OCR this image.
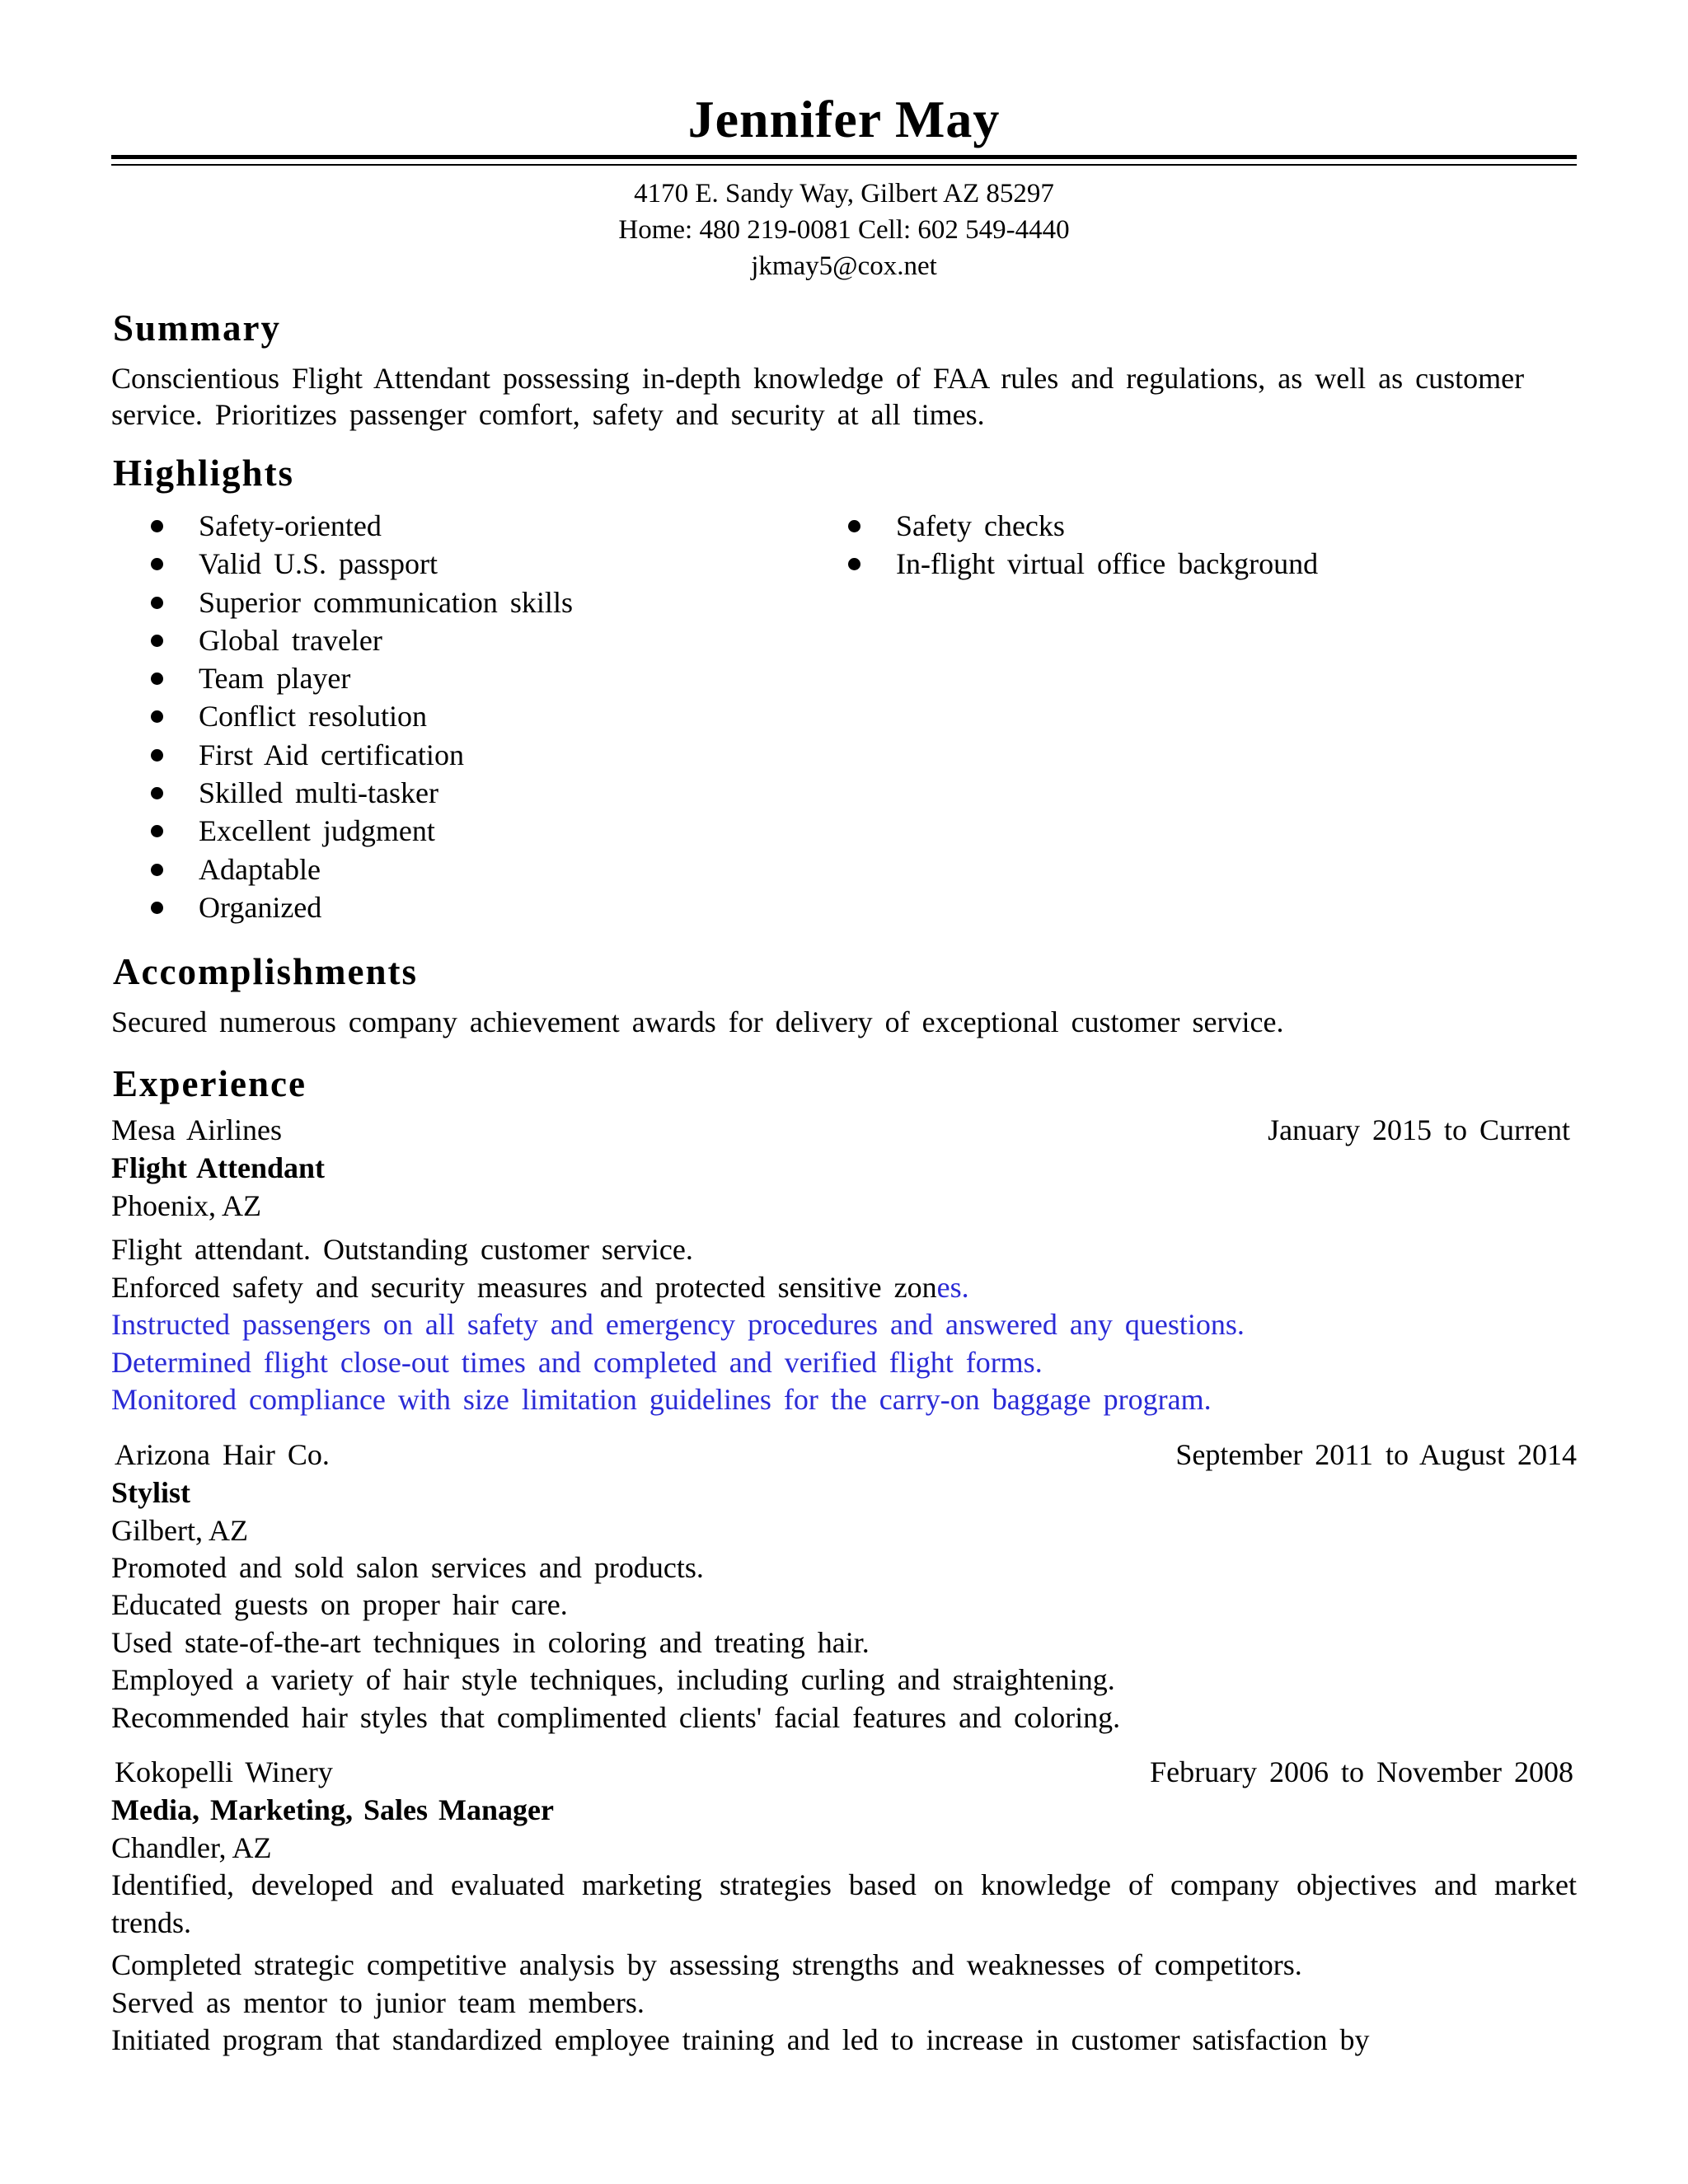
Jennifer May
4170 E. Sandy Way, Gilbert AZ 85297
Home: 480 219-0081 Cell: 602 549-4440
jkmay5@cox.net
Summary
Conscientious Flight Attendant possessing in-depth knowledge of FAA rules and regulations, as well as customer service. Prioritizes passenger comfort, safety and security at all times.
Highlights
Safety-oriented
Valid U.S. passport
Superior communication skills
Global traveler
Team player
Conflict resolution
First Aid certification
Skilled multi-tasker
Excellent judgment
Adaptable
Organized
Safety checks
In-flight virtual office background
Accomplishments
Secured numerous company achievement awards for delivery of exceptional customer service.
Experience
Mesa Airlines	January 2015 to Current
Flight Attendant
Phoenix, AZ
Flight attendant. Outstanding customer service.
Enforced safety and security measures and protected sensitive zones.
Instructed passengers on all safety and emergency procedures and answered any questions.
Determined flight close-out times and completed and verified flight forms.
Monitored compliance with size limitation guidelines for the carry-on baggage program.
Arizona Hair Co.	September 2011 to August 2014
Stylist
Gilbert, AZ
Promoted and sold salon services and products.
Educated guests on proper hair care.
Used state-of-the-art techniques in coloring and treating hair.
Employed a variety of hair style techniques, including curling and straightening.
Recommended hair styles that complimented clients' facial features and coloring.
Kokopelli Winery	February 2006 to November 2008
Media, Marketing, Sales Manager
Chandler, AZ
Identified, developed and evaluated marketing strategies based on knowledge of company objectives and market trends.
Completed strategic competitive analysis by assessing strengths and weaknesses of competitors.
Served as mentor to junior team members.
Initiated program that standardized employee training and led to increase in customer satisfaction by
